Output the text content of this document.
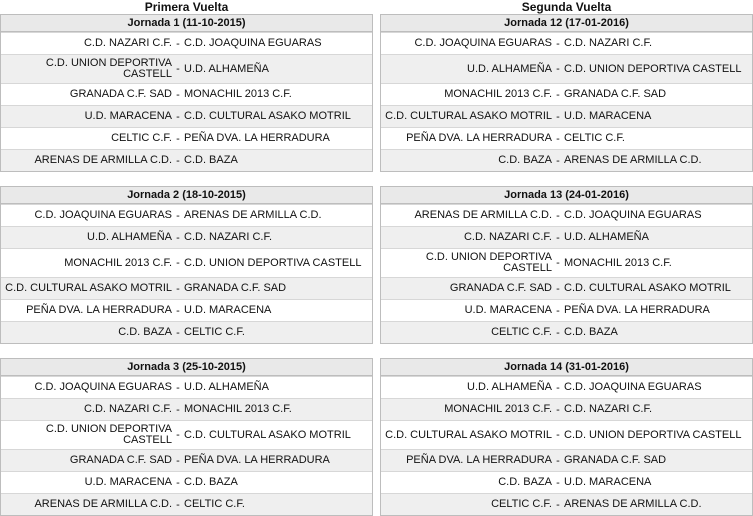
Primera Vuelta	Segunda Vuelta
Jornada 1 (11-10-2015)
C.D. NAZARI C.F. - C.D. JOAQUINA EGUARAS
C.D. UNION DEPORTIVA CASTELL - U.D. ALHAMEÑA
GRANADA C.F. SAD - MONACHIL 2013 C.F.
U.D. MARACENA - C.D. CULTURAL ASAKO MOTRIL
CELTIC C.F. - PEÑA DVA. LA HERRADURA
ARENAS DE ARMILLA C.D. - C.D. BAZA
Jornada 12 (17-01-2016)
C.D. JOAQUINA EGUARAS - C.D. NAZARI C.F.
U.D. ALHAMEÑA - C.D. UNION DEPORTIVA CASTELL
MONACHIL 2013 C.F. - GRANADA C.F. SAD
C.D. CULTURAL ASAKO MOTRIL - U.D. MARACENA
PEÑA DVA. LA HERRADURA - CELTIC C.F.
C.D. BAZA - ARENAS DE ARMILLA C.D.
Jornada 2 (18-10-2015)
C.D. JOAQUINA EGUARAS - ARENAS DE ARMILLA C.D.
U.D. ALHAMEÑA - C.D. NAZARI C.F.
MONACHIL 2013 C.F. - C.D. UNION DEPORTIVA CASTELL
C.D. CULTURAL ASAKO MOTRIL - GRANADA C.F. SAD
PEÑA DVA. LA HERRADURA - U.D. MARACENA
C.D. BAZA - CELTIC C.F.
Jornada 13 (24-01-2016)
ARENAS DE ARMILLA C.D. - C.D. JOAQUINA EGUARAS
C.D. NAZARI C.F. - U.D. ALHAMEÑA
C.D. UNION DEPORTIVA CASTELL - MONACHIL 2013 C.F.
GRANADA C.F. SAD - C.D. CULTURAL ASAKO MOTRIL
U.D. MARACENA - PEÑA DVA. LA HERRADURA
CELTIC C.F. - C.D. BAZA
Jornada 3 (25-10-2015)
C.D. JOAQUINA EGUARAS - U.D. ALHAMEÑA
C.D. NAZARI C.F. - MONACHIL 2013 C.F.
C.D. UNION DEPORTIVA CASTELL - C.D. CULTURAL ASAKO MOTRIL
GRANADA C.F. SAD - PEÑA DVA. LA HERRADURA
U.D. MARACENA - C.D. BAZA
ARENAS DE ARMILLA C.D. - CELTIC C.F.
Jornada 14 (31-01-2016)
U.D. ALHAMEÑA - C.D. JOAQUINA EGUARAS
MONACHIL 2013 C.F. - C.D. NAZARI C.F.
C.D. CULTURAL ASAKO MOTRIL - C.D. UNION DEPORTIVA CASTELL
PEÑA DVA. LA HERRADURA - GRANADA C.F. SAD
C.D. BAZA - U.D. MARACENA
CELTIC C.F. - ARENAS DE ARMILLA C.D.
